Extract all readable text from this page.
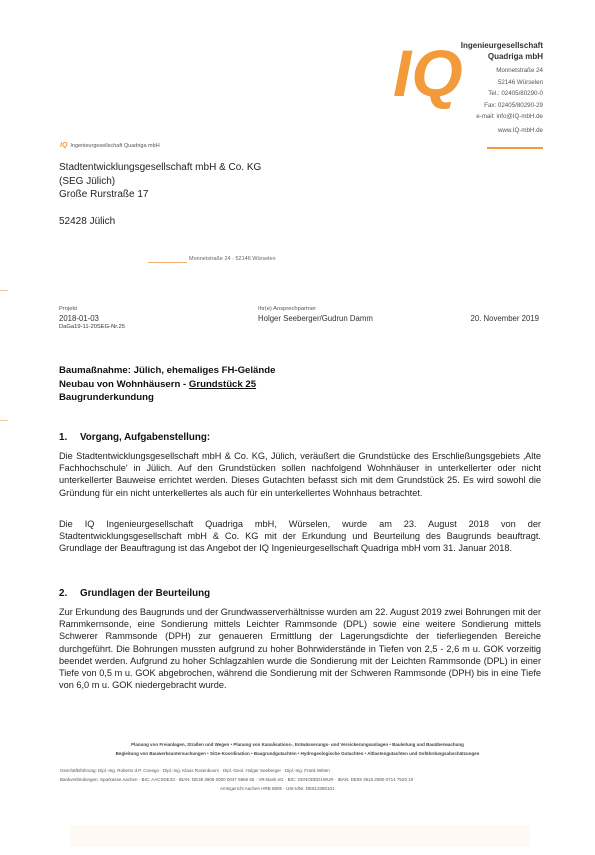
IQ
Ingenieurgesellschaft
Quadriga mbH
Monnetstraße 24
52146 Würselen
Tel.: 02405/80290-0
Fax: 02405/80290-29
e-mail: info@IQ-mbH.de
www.IQ-mbH.de
IQ Ingenieurgesellschaft Quadriga mbH
Stadtentwicklungsgesellschaft mbH & Co. KG
(SEG Jülich)
Große Rurstraße 17
52428 Jülich
Monnetstraße 24 · 52146 Würselen
Projekt
2018-01-03
DaGa19-11-20SEG-Nr.25
Ihr(e) Ansprechpartner
Holger Seeberger/Gudrun Damm	20. November 2019
Baumaßnahme: Jülich, ehemaliges FH-Gelände
Neubau von Wohnhäusern - Grundstück 25
Baugrunderkundung
1. Vorgang, Aufgabenstellung:
Die Stadtentwicklungsgesellschaft mbH & Co. KG, Jülich, veräußert die Grundstücke des Erschließungsgebiets ‚Alte Fachhochschule' in Jülich. Auf den Grundstücken sollen nachfolgend Wohnhäuser in unterkellerter oder nicht unterkellerter Bauweise errichtet werden. Dieses Gutachten befasst sich mit dem Grundstück 25. Es wird sowohl die Gründung für ein nicht unterkellertes als auch für ein unterkellertes Wohnhaus betrachtet.
Die IQ Ingenieurgesellschaft Quadriga mbH, Würselen, wurde am 23. August 2018 von der Stadtentwicklungsgesellschaft mbH & Co. KG mit der Erkundung und Beurteilung des Baugrunds beauftragt. Grundlage der Beauftragung ist das Angebot der IQ Ingenieurgesellschaft Quadriga mbH vom 31. Januar 2018.
2. Grundlagen der Beurteilung
Zur Erkundung des Baugrunds und der Grundwasserverhältnisse wurden am 22. August 2019 zwei Bohrungen mit der Rammkernsonde, eine Sondierung mittels Leichter Rammsonde (DPL) sowie eine weitere Sondierung mittels Schwerer Rammsonde (DPH) zur genaueren Ermittlung der Lagerungsdichte der tieferliegenden Bereiche durchgeführt. Die Bohrungen mussten aufgrund zu hoher Bohrwiderstände in Tiefen von 2,5 - 2,6 m u. GOK vorzeitig beendet werden. Aufgrund zu hoher Schlagzahlen wurde die Sondierung mit der Leichten Rammsonde (DPL) in einer Tiefe von 0,5 m u. GOK abgebrochen, während die Sondierung mit der Schweren Rammsonde (DPH) bis in eine Tiefe von 6,0 m u. GOK niedergebracht wurde.
Planung von Freianlagen, Straßen und Wegen • Planung von Kanalisations-, Entwässerungs- und Versickerungsanlagen • Bauleitung und Bauüberwachung
Begleitung von Bauwerksuntersuchungen • SiGe-Koordination • Baugrundgutachten • Hydrogeologische Gutachten • Altlastengutachten und Gefährdungsabschätzungen
Geschäftsführung: Dipl.-Ing. Roberto d.P. Conego · Dipl.-Ing. Klaus Rosenboom · Dipl.-Geol. Holger Seeberger · Dipl.-Ing. Frank Witten
Bankverbindungen: Sparkasse Aachen · BIC: AACSDE33 · IBAN: DE39 3905 0000 0047 6865 55 · VR-Bank eG · BIC: GENODED1WUR · IBAN: DE59 3916 2980 0714 7520 10
Amtsgericht Aachen HRB 8805 · USt-IdNr. DE813380101
